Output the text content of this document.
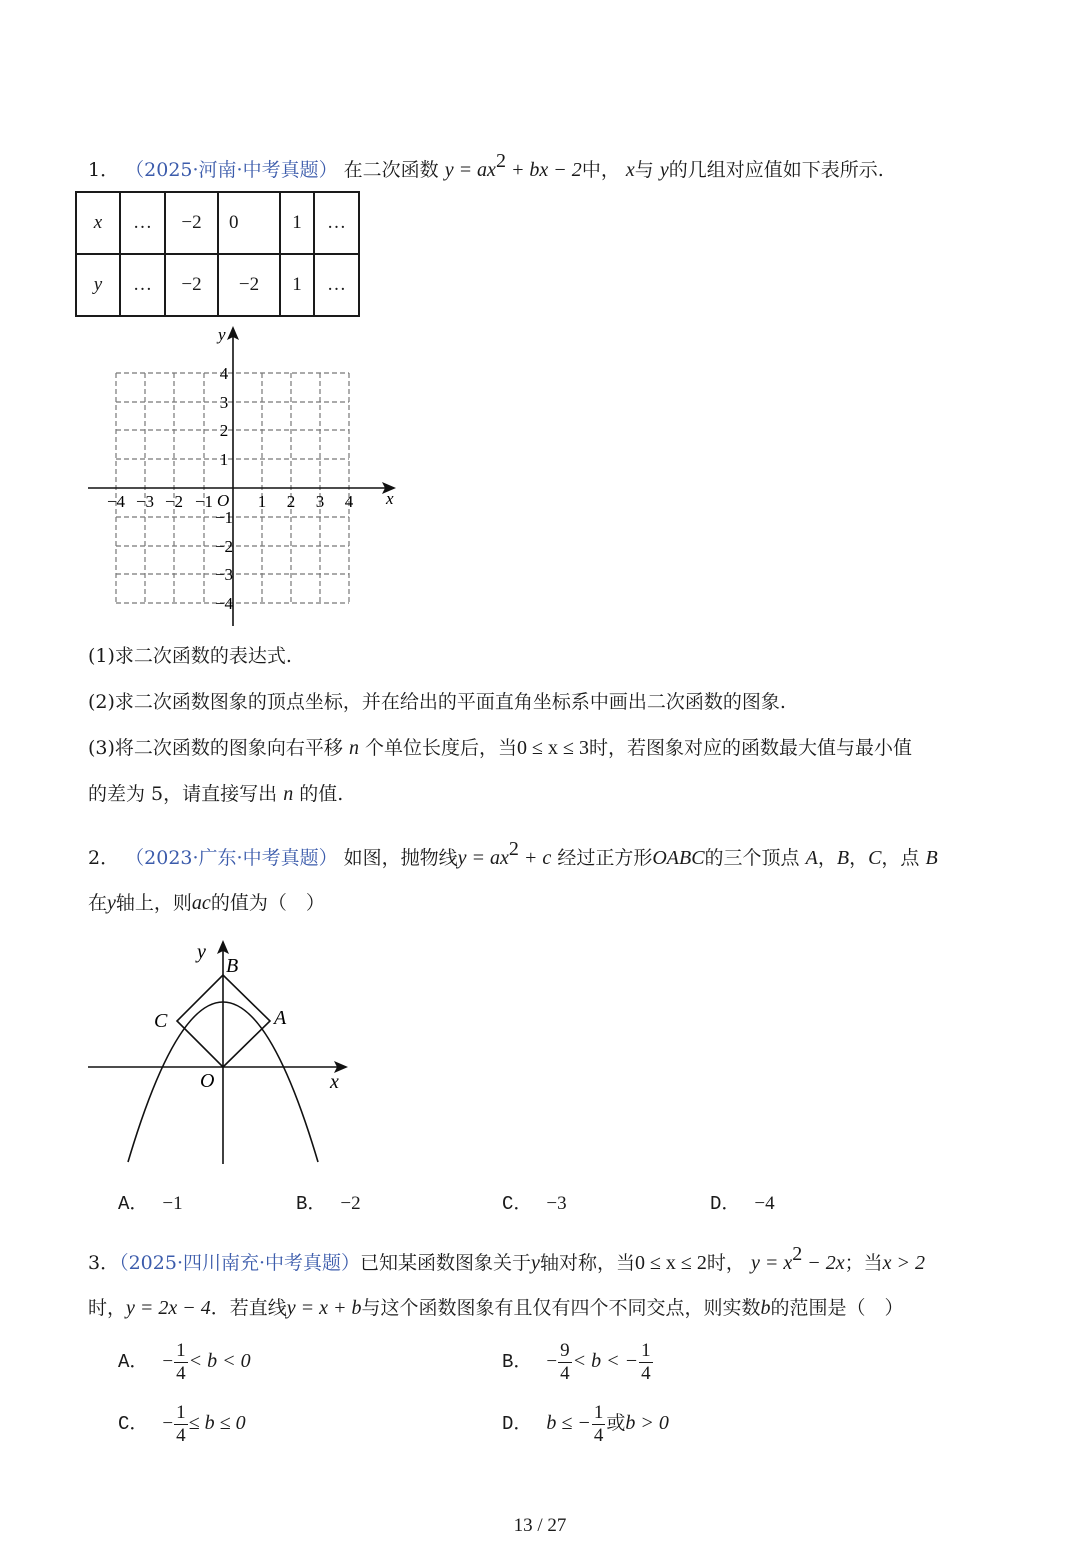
1． （2025·河南·中考真题） 在二次函数 $y = ax^2$ + bx − 2中， x与 y的几组对应值如下表所示.
x	…	−2	0	1	…
y	…	−2	−2	1	…
x
y
O
−4 −3 −2 −1	1 2 3 4
4
3
2
1
−1
−2
−3
−4
(1)求二次函数的表达式.
(2)求二次函数图象的顶点坐标，并在给出的平面直角坐标系中画出二次函数的图象.
(3)将二次函数的图象向右平移 n 个单位长度后，当0 ≤ x ≤ 3时，若图象对应的函数最大值与最小值
的差为 5，请直接写出 n 的值.
2． （2023·广东·中考真题） 如图，抛物线$y = ax^2 + c$ 经过正方形OABC的三个顶点 A，B，C，点 B
在y轴上，则ac的值为（　）
y
B
C	A
O	x
A． −1	B． −2	C． −3	D． −4
3．（2025·四川南充·中考真题）已知某函数图象关于y轴对称，当0 ≤ x ≤ 2时， $y = x^2 - 2x$；当x > 2
时，y = 2x − 4．若直线y = x + b与这个函数图象有且仅有四个不同交点，则实数b的范围是（　）
A． − $\frac{1}{4} < b < 0$	B． − $\frac{9}{4} < b$ < − $\frac{1}{4}$
C． − $\frac{1}{4} \le b \le 0$	D． b ≤ − $\frac{1}{4}$ 或b > 0
13 / 27
